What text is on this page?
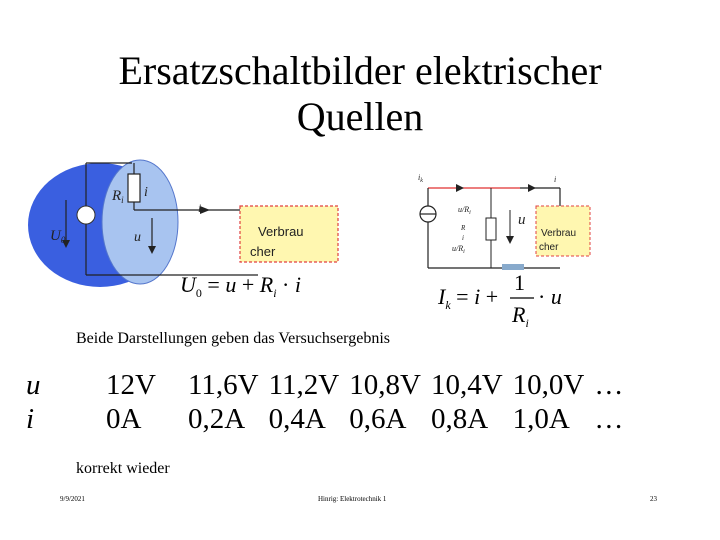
Ersatzschaltbilder elektrischer
Quellen
$R_i$ i
$U_0$	u
i
Verbrau
cher
$U_0 = u + R_i \cdot i$
$i_k$	i
$u/R_i$
R
i
$u/R_i$
u
Verbrau
cher
$I_k = i$ +
1
$R_i$
· u
Beide Darstellungen geben das Versuchsergebnis
u	12V	11,6V	11,2V	10,8V	10,4V	10,0V	…
i	0A	0,2A	0,4A	0,6A	0,8A	1,0A	…
korrekt wieder
9/9/2021	Hinrig: Elektrotechnik 1	23
